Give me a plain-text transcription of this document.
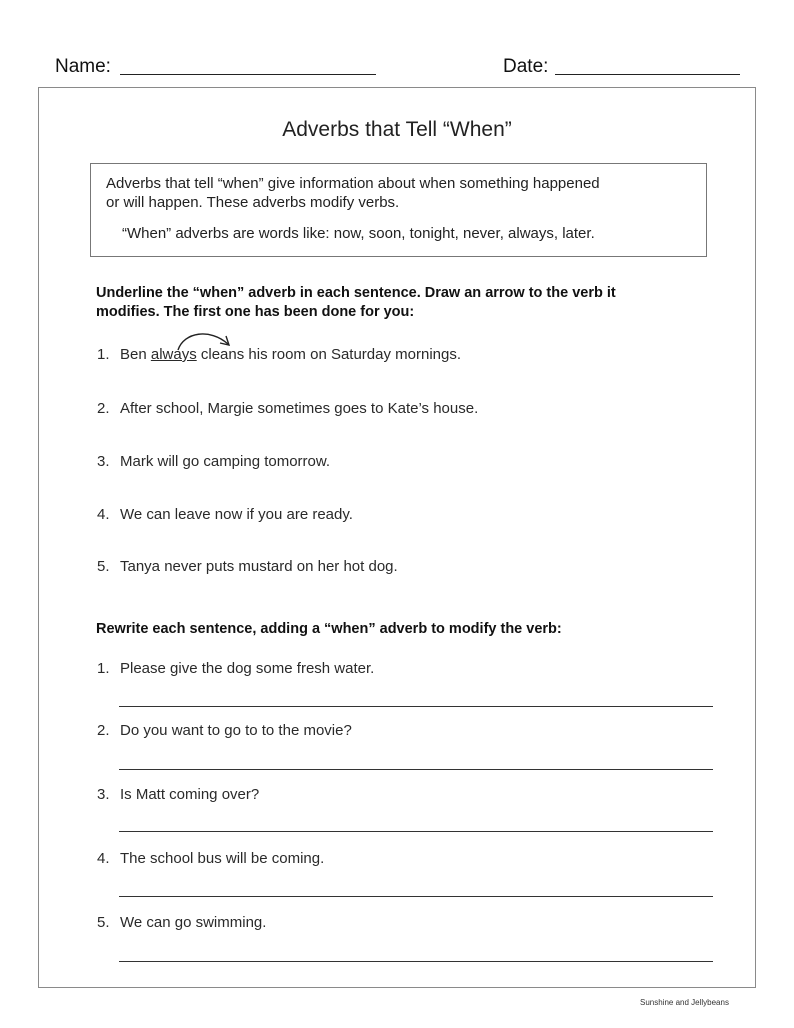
Name:	Date:
Adverbs that Tell “When”
Adverbs that tell “when” give information about when something happened
or will happen. These adverbs modify verbs.
“When” adverbs are words like: now, soon, tonight, never, always, later.
Underline the “when” adverb in each sentence. Draw an arrow to the verb it
modifies. The first one has been done for you:
1. Ben always cleans his room on Saturday mornings.
2. After school, Margie sometimes goes to Kate’s house.
3. Mark will go camping tomorrow.
4. We can leave now if you are ready.
5. Tanya never puts mustard on her hot dog.
Rewrite each sentence, adding a “when” adverb to modify the verb:
1. Please give the dog some fresh water.
2. Do you want to go to to the movie?
3. Is Matt coming over?
4. The school bus will be coming.
5. We can go swimming.
Sunshine and Jellybeans
